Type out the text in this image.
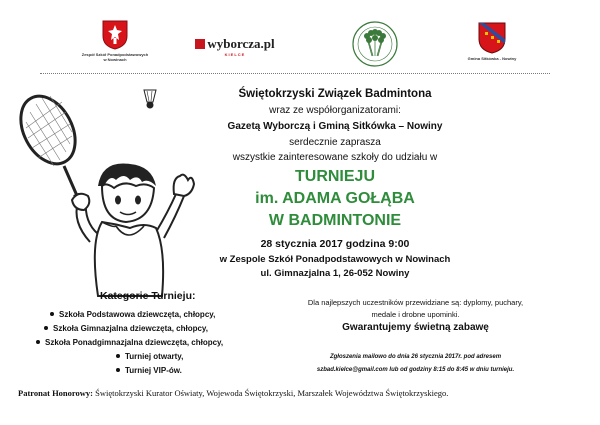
Zespół Szkół Ponadpodstawowych
w Nowinach
wyborcza.pl
KIELCE
Gmina Sitkówka - Nowiny
Świętokrzyski Związek Badmintona
wraz ze współorganizatorami:
Gazetą Wyborczą i Gminą Sitkówka – Nowiny
serdecznie zaprasza
wszystkie zainteresowane szkoły do udziału w
TURNIEJU
im. ADAMA GOŁĄBA
W BADMINTONIE
28 stycznia 2017 godzina 9:00
w Zespole Szkół Ponadpodstawowych w Nowinach
ul. Gimnazjalna 1, 26-052 Nowiny
Kategorie Turnieju:
Szkoła Podstawowa dziewczęta, chłopcy,
Szkoła Gimnazjalna dziewczęta, chłopcy,
Szkoła Ponadgimnazjalna dziewczęta, chłopcy,
Turniej otwarty,
Turniej VIP-ów.
Dla najlepszych uczestników przewidziane są: dyplomy, puchary,
medale i drobne upominki.
Gwarantujemy świetną zabawę
Zgłoszenia mailowo do dnia 26 stycznia 2017r. pod adresem
szbad.kielce@gmail.com lub od godziny 8:15 do 8:45 w dniu turnieju.
Patronat Honorowy: Świętokrzyski Kurator Oświaty, Wojewoda Świętokrzyski, Marszałek Województwa Świętokrzyskiego.
